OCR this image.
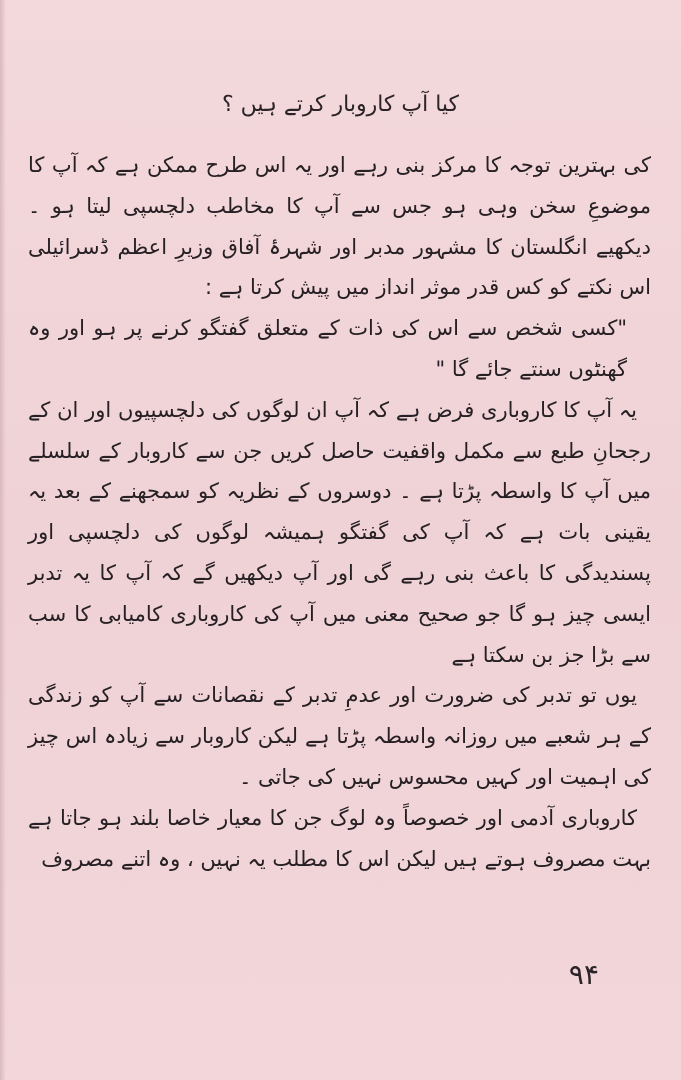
کیا آپ کاروبار کرتے ہیں ؟

کی بہترین توجہ کا مرکز بنی رہے اور یہ اس طرح ممکن ہے کہ آپ کا موضوعِ سخن وہی ہو جس سے آپ کا مخاطب دلچسپی لیتا ہو ۔ دیکھیے انگلستان کا مشہور مدبر اور شہرۂ آفاق وزیرِ اعظم ڈسرائیلی اس نکتے کو کس قدر موثر انداز میں پیش کرتا ہے :

"کسی شخص سے اس کی ذات کے متعلق گفتگو کرنے پر ہو اور وہ گھنٹوں سنتے جائے گا "

یہ آپ کا کاروباری فرض ہے کہ آپ ان لوگوں کی دلچسپیوں اور ان کے رجحانِ طبع سے مکمل واقفیت حاصل کریں جن سے کاروبار کے سلسلے میں آپ کا واسطہ پڑتا ہے ۔ دوسروں کے نظریہ کو سمجھنے کے بعد یہ یقینی بات ہے کہ آپ کی گفتگو ہمیشہ لوگوں کی دلچسپی اور پسندیدگی کا باعث بنی رہے گی اور آپ دیکھیں گے کہ آپ کا یہ تدبر ایسی چیز ہو گا جو صحیح معنی میں آپ کی کاروباری کامیابی کا سب سے بڑا جز بن سکتا ہے

یوں تو تدبر کی ضرورت اور عدمِ تدبر کے نقصانات سے آپ کو زندگی کے ہر شعبے میں روزانہ واسطہ پڑتا ہے لیکن کاروبار سے زیادہ اس چیز کی اہمیت اور کہیں محسوس نہیں کی جاتی ۔

کاروباری آدمی اور خصوصاً وہ لوگ جن کا معیار خاصا بلند ہو جاتا ہے بہت مصروف ہوتے ہیں لیکن اس کا مطلب یہ نہیں ، وہ اتنے مصروف

۹۴
